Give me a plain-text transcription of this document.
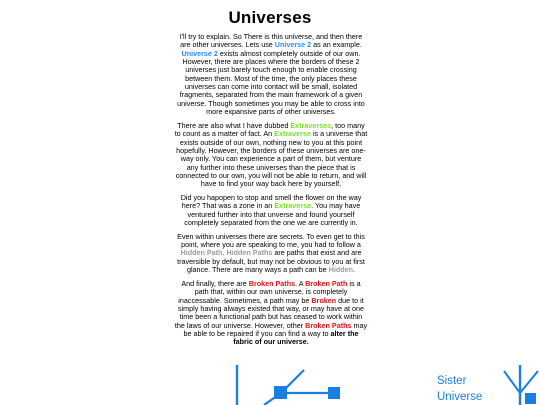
Universes

I'll try to explain. So There is this universe, and then there are other universes. Lets use Universe 2 as an example. Universe 2 exists almost completely outside of our own. However, there are places where the borders of these 2 universes just barely touch enough to enable crossing between them. Most of the time, the only places these universes can come into contact will be small, isolated fragments, separated from the main framework of a given universe. Though sometimes you may be able to cross into more expansive parts of other universes.

There are also what I have dubbed Extraverses, too many to count as a matter of fact. An Extraverse is a universe that exists outside of our own, nothing new to you at this point hopefully. However, the borders of these universes are one-way only. You can experience a part of them, but venture any further into these universes than the piece that is connected to our own, you will not be able to return, and will have to find your way back here by yourself,

Did you hapopen to stop and smell the flower on the way here? That was a zone in an Extraverse. You may have ventured further into that unverse and found yourself completely separated from the one we are currently in.

Even within universes there are secrets. To even get to this point, where you are speaking to me, you had to follow a Hidden Path. Hidden Paths are paths that exist and are traversible by default, but may not be obvious to you at first glance. There are many ways a path can be Hidden.

And finally, there are Broken Paths. A Broken Path is a path that, within our own universe, is completely inaccessable. Sometimes, a path may be Broken due to it simply having always existed that way, or may have at one time been a functional path but has ceased to work within the laws of our universe. However, other Broken Paths may be able to be repaired if you can find a way to alter the fabric of our universe.

Sister
Universe
